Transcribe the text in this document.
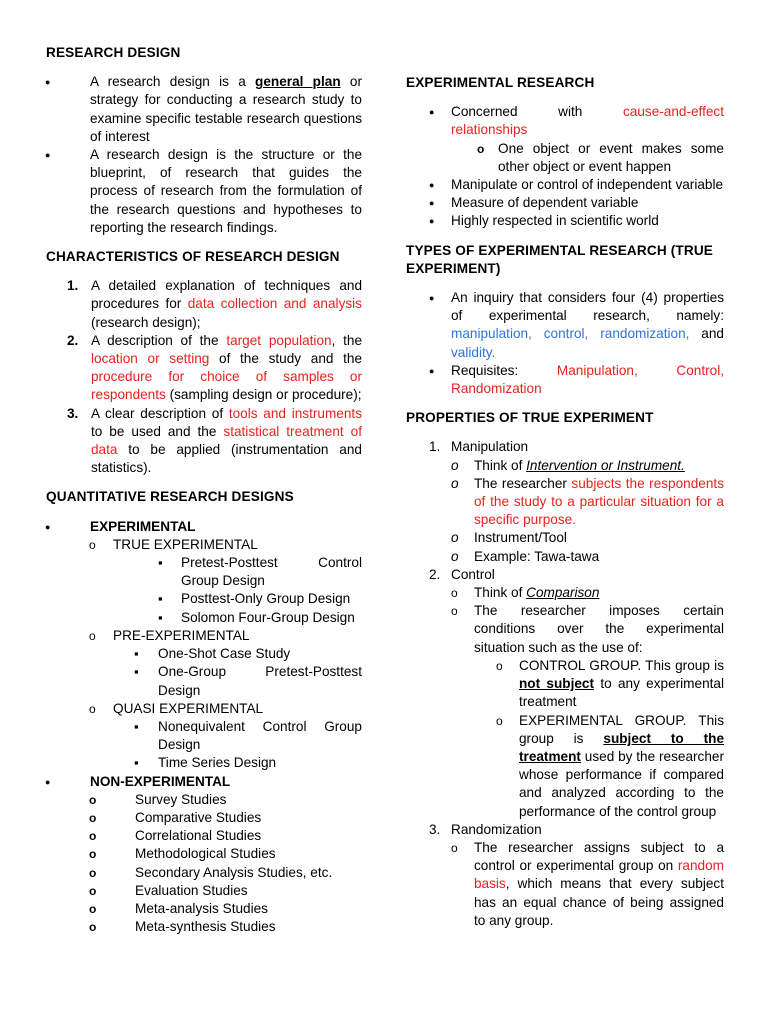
RESEARCH DESIGN
● A research design is a general plan or strategy for conducting a research study to examine specific testable research questions of interest
● A research design is the structure or the blueprint, of research that guides the process of research from the formulation of the research questions and hypotheses to reporting the research findings.
CHARACTERISTICS OF RESEARCH DESIGN
1. A detailed explanation of techniques and procedures for data collection and analysis (research design);
2. A description of the target population, the location or setting of the study and the procedure for choice of samples or respondents (sampling design or procedure);
3. A clear description of tools and instruments to be used and the statistical treatment of data to be applied (instrumentation and statistics).
QUANTITATIVE RESEARCH DESIGNS
● EXPERIMENTAL
o TRUE EXPERIMENTAL
▪ Pretest-Posttest Control Group Design
▪ Posttest-Only Group Design
▪ Solomon Four-Group Design
o PRE-EXPERIMENTAL
▪ One-Shot Case Study
▪ One-Group Pretest-Posttest Design
o QUASI EXPERIMENTAL
▪ Nonequivalent Control Group Design
▪ Time Series Design
● NON-EXPERIMENTAL
o Survey Studies
o Comparative Studies
o Correlational Studies
o Methodological Studies
o Secondary Analysis Studies, etc.
o Evaluation Studies
o Meta-analysis Studies
o Meta-synthesis Studies
EXPERIMENTAL RESEARCH
● Concerned with cause-and-effect relationships
o One object or event makes some other object or event happen
● Manipulate or control of independent variable
● Measure of dependent variable
● Highly respected in scientific world
TYPES OF EXPERIMENTAL RESEARCH (TRUE EXPERIMENT)
● An inquiry that considers four (4) properties of experimental research, namely: manipulation, control, randomization, and validity.
● Requisites: Manipulation, Control, Randomization
PROPERTIES OF TRUE EXPERIMENT
1. Manipulation
o Think of Intervention or Instrument.
o The researcher subjects the respondents of the study to a particular situation for a specific purpose.
o Instrument/Tool
o Example: Tawa-tawa
2. Control
o Think of Comparison
o The researcher imposes certain conditions over the experimental situation such as the use of:
o CONTROL GROUP. This group is not subject to any experimental treatment
o EXPERIMENTAL GROUP. This group is subject to the treatment used by the researcher whose performance if compared and analyzed according to the performance of the control group
3. Randomization
o The researcher assigns subject to a control or experimental group on random basis, which means that every subject has an equal chance of being assigned to any group.
